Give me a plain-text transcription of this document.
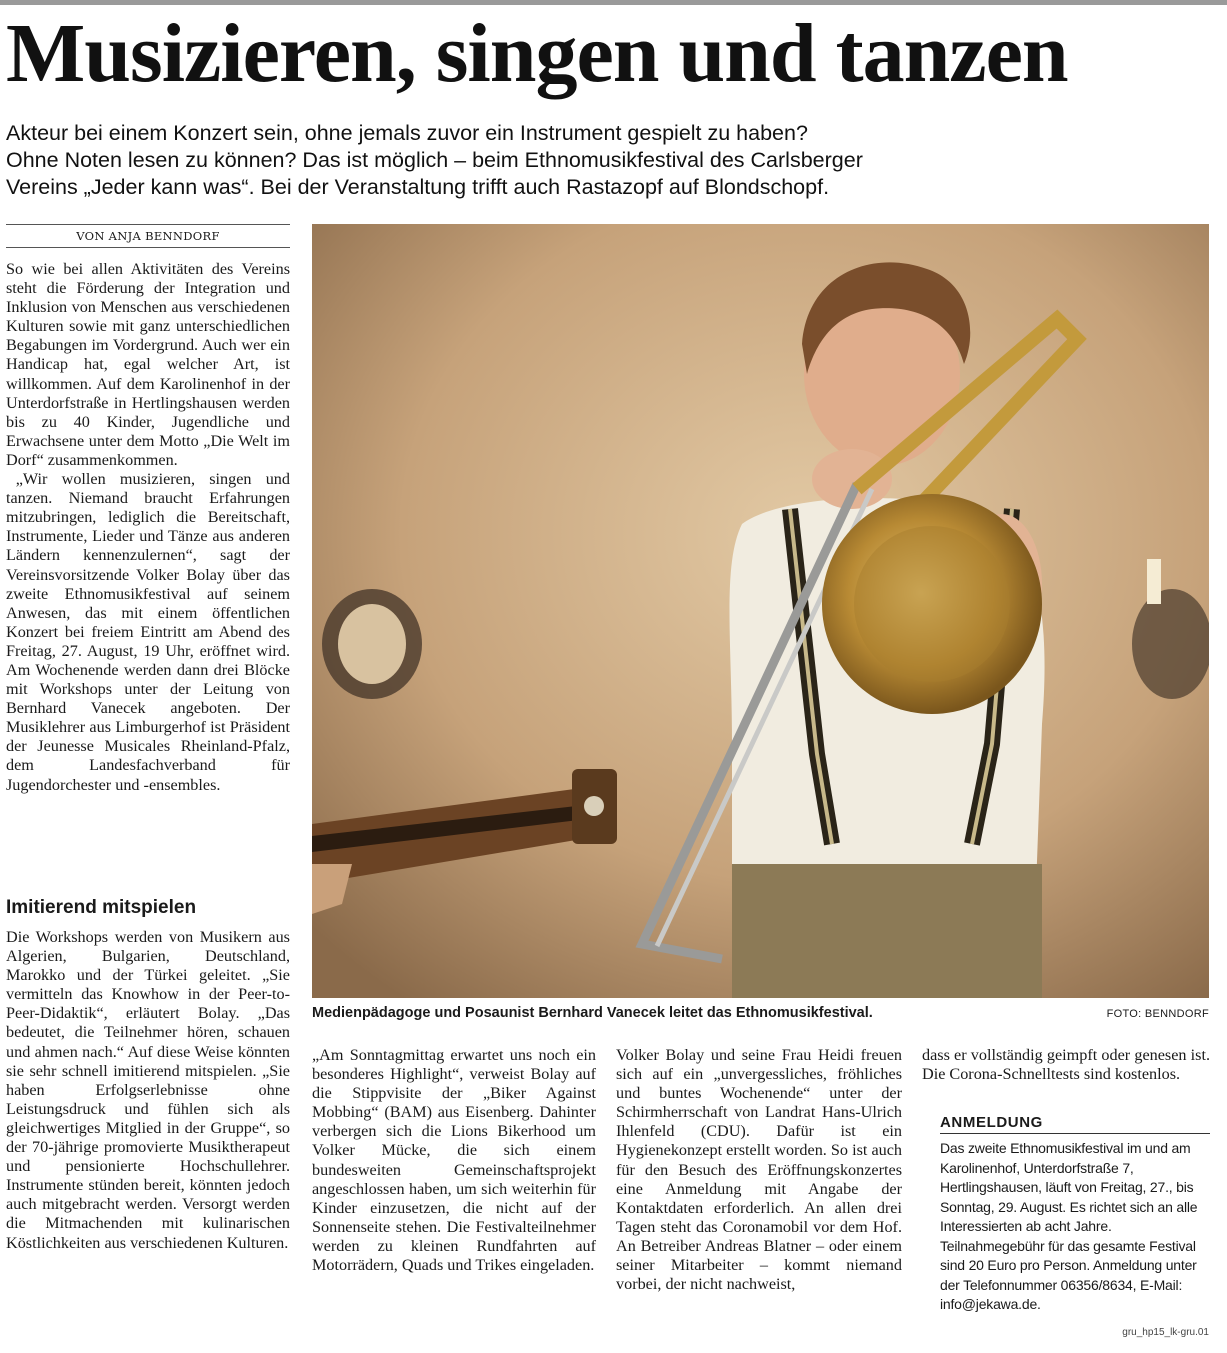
Musizieren, singen und tanzen
Akteur bei einem Konzert sein, ohne jemals zuvor ein Instrument gespielt zu haben?
Ohne Noten lesen zu können? Das ist möglich – beim Ethnomusikfestival des Carlsberger
Vereins „Jeder kann was“. Bei der Veranstaltung trifft auch Rastazopf auf Blondschopf.
VON ANJA BENNDORF

So wie bei allen Aktivitäten des Vereins steht die Förderung der Integration und Inklusion von Menschen aus verschiedenen Kulturen sowie mit ganz unterschiedlichen Begabungen im Vordergrund. Auch wer ein Handicap hat, egal welcher Art, ist willkommen. Auf dem Karolinenhof in der Unterdorfstraße in Hertlingshausen werden bis zu 40 Kinder, Jugendliche und Erwachsene unter dem Motto „Die Welt im Dorf“ zusammenkommen.

„Wir wollen musizieren, singen und tanzen. Niemand braucht Erfahrungen mitzubringen, lediglich die Bereitschaft, Instrumente, Lieder und Tänze aus anderen Ländern kennenzulernen“, sagt der Vereinsvorsitzende Volker Bolay über das zweite Ethnomusikfestival auf seinem Anwesen, das mit einem öffentlichen Konzert bei freiem Eintritt am Abend des Freitag, 27. August, 19 Uhr, eröffnet wird. Am Wochenende werden dann drei Blöcke mit Workshops unter der Leitung von Bernhard Vanecek angeboten. Der Musiklehrer aus Limburgerhof ist Präsident der Jeunesse Musicales Rheinland-Pfalz, dem Landesfachverband für Jugendorchester und -ensembles.

Imitierend mitspielen

Die Workshops werden von Musikern aus Algerien, Bulgarien, Deutschland, Marokko und der Türkei geleitet. „Sie vermitteln das Knowhow in der Peer-to-Peer-Didaktik“, erläutert Bolay. „Das bedeutet, die Teilnehmer hören, schauen und ahmen nach.“ Auf diese Weise könnten sie sehr schnell imitierend mitspielen. „Sie haben Erfolgserlebnisse ohne Leistungsdruck und fühlen sich als gleichwertiges Mitglied in der Gruppe“, so der 70-jährige promovierte Musiktherapeut und pensionierte Hochschullehrer. Instrumente stünden bereit, könnten jedoch auch mitgebracht werden. Versorgt werden die Mitmachenden mit kulinarischen Köstlichkeiten aus verschiedenen Kulturen.

Medienpädagoge und Posaunist Bernhard Vanecek leitet das Ethnomusikfestival.	FOTO: BENNDORF

„Am Sonntagmittag erwartet uns noch ein besonderes Highlight“, verweist Bolay auf die Stippvisite der „Biker Against Mobbing“ (BAM) aus Eisenberg. Dahinter verbergen sich die Lions Bikerhood um Volker Mücke, die sich einem bundesweiten Gemeinschaftsprojekt angeschlossen haben, um sich weiterhin für Kinder einzusetzen, die nicht auf der Sonnenseite stehen. Die Festivalteilnehmer werden zu kleinen Rundfahrten auf Motorrädern, Quads und Trikes eingeladen.

Volker Bolay und seine Frau Heidi freuen sich auf ein „unvergessliches, fröhliches und buntes Wochenende“ unter der Schirmherrschaft von Landrat Hans-Ulrich Ihlenfeld (CDU). Dafür ist ein Hygienekonzept erstellt worden. So ist auch für den Besuch des Eröffnungskonzertes eine Anmeldung mit Angabe der Kontaktdaten erforderlich. An allen drei Tagen steht das Coronamobil vor dem Hof. An Betreiber Andreas Blatner – oder einem seiner Mitarbeiter – kommt niemand vorbei, der nicht nachweist,

dass er vollständig geimpft oder genesen ist. Die Corona-Schnelltests sind kostenlos.

ANMELDUNG
Das zweite Ethnomusikfestival im und am Karolinenhof, Unterdorfstraße 7, Hertlingshausen, läuft von Freitag, 27., bis Sonntag, 29. August. Es richtet sich an alle Interessierten ab acht Jahre. Teilnahmegebühr für das gesamte Festival sind 20 Euro pro Person. Anmeldung unter der Telefonnummer 06356/8634, E-Mail: info@jekawa.de.
gru_hp15_lk-gru.01
